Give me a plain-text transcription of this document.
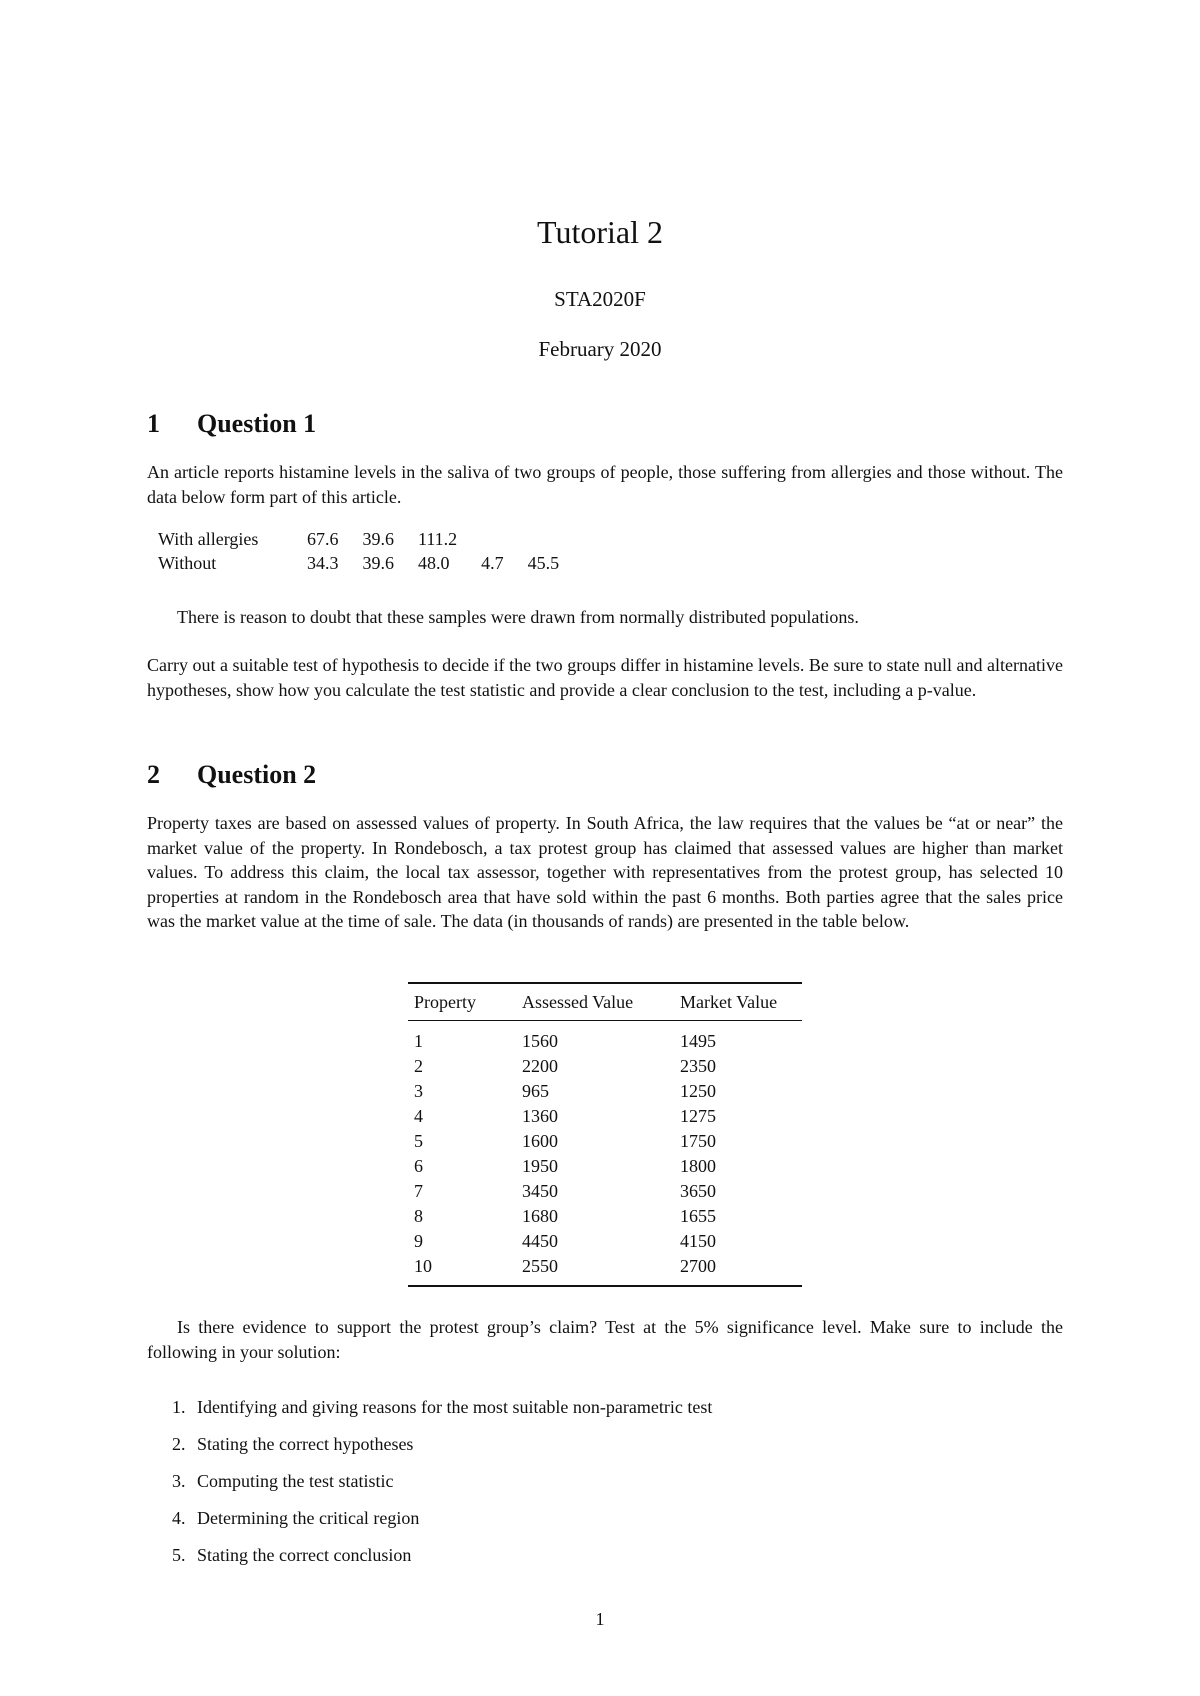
Tutorial 2
STA2020F
February 2020
1 Question 1
An article reports histamine levels in the saliva of two groups of people, those suffering from allergies and those without. The data below form part of this article.
With allergies	67.6	39.6	111.2		
Without	34.3	39.6	48.0	4.7	45.5
There is reason to doubt that these samples were drawn from normally distributed populations.
Carry out a suitable test of hypothesis to decide if the two groups differ in histamine levels. Be sure to state null and alternative hypotheses, show how you calculate the test statistic and provide a clear conclusion to the test, including a p-value.
2 Question 2
Property taxes are based on assessed values of property. In South Africa, the law requires that the values be “at or near” the market value of the property. In Rondebosch, a tax protest group has claimed that assessed values are higher than market values. To address this claim, the local tax assessor, together with representatives from the protest group, has selected 10 properties at random in the Rondebosch area that have sold within the past 6 months. Both parties agree that the sales price was the market value at the time of sale. The data (in thousands of rands) are presented in the table below.
Property	Assessed Value	Market Value
1	1560	1495
2	2200	2350
3	965	1250
4	1360	1275
5	1600	1750
6	1950	1800
7	3450	3650
8	1680	1655
9	4450	4150
10	2550	2700
Is there evidence to support the protest group’s claim? Test at the 5% significance level. Make sure to include the following in your solution:
1. Identifying and giving reasons for the most suitable non-parametric test
2. Stating the correct hypotheses
3. Computing the test statistic
4. Determining the critical region
5. Stating the correct conclusion
1
